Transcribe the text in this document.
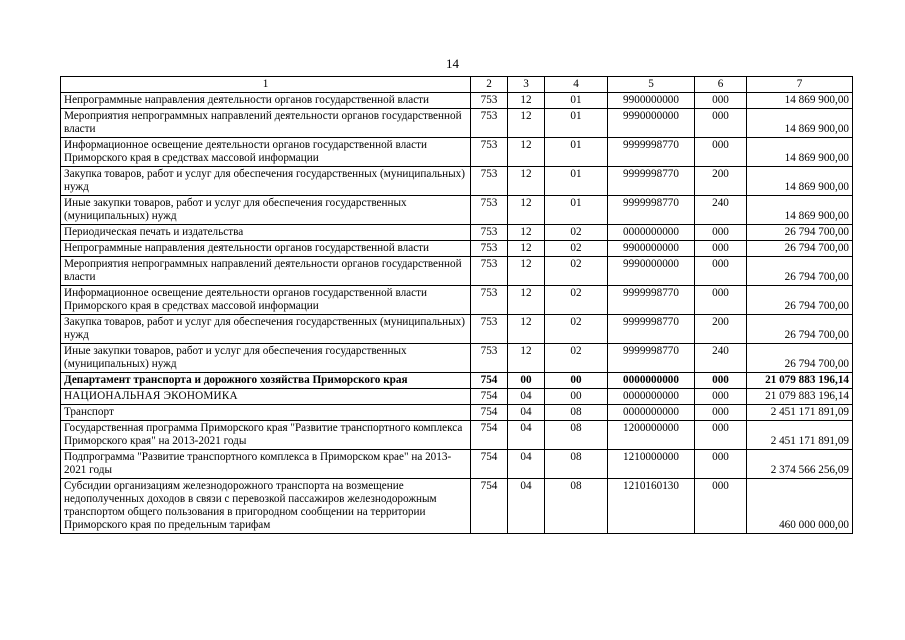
14
1	2	3	4	5	6	7
Непрограммные направления деятельности органов государственной власти	753	12	01	9900000000	000	14 869 900,00
Мероприятия непрограммных направлений деятельности органов государственной власти	753	12	01	9990000000	000	14 869 900,00
Информационное освещение деятельности органов государственной власти Приморского края в средствах массовой информации	753	12	01	9999998770	000	14 869 900,00
Закупка товаров, работ и услуг для обеспечения государственных (муниципальных) нужд	753	12	01	9999998770	200	14 869 900,00
Иные закупки товаров, работ и услуг для обеспечения государственных (муниципальных) нужд	753	12	01	9999998770	240	14 869 900,00
Периодическая печать и издательства	753	12	02	0000000000	000	26 794 700,00
Непрограммные направления деятельности органов государственной власти	753	12	02	9900000000	000	26 794 700,00
Мероприятия непрограммных направлений деятельности органов государственной власти	753	12	02	9990000000	000	26 794 700,00
Информационное освещение деятельности органов государственной власти Приморского края в средствах массовой информации	753	12	02	9999998770	000	26 794 700,00
Закупка товаров, работ и услуг для обеспечения государственных (муниципальных) нужд	753	12	02	9999998770	200	26 794 700,00
Иные закупки товаров, работ и услуг для обеспечения государственных (муниципальных) нужд	753	12	02	9999998770	240	26 794 700,00
Департамент транспорта и дорожного хозяйства Приморского края	754	00	00	0000000000	000	21 079 883 196,14
НАЦИОНАЛЬНАЯ ЭКОНОМИКА	754	04	00	0000000000	000	21 079 883 196,14
Транспорт	754	04	08	0000000000	000	2 451 171 891,09
Государственная программа Приморского края "Развитие транспортного комплекса Приморского края" на 2013-2021 годы	754	04	08	1200000000	000	2 451 171 891,09
Подпрограмма "Развитие транспортного комплекса в Приморском крае" на 2013-2021 годы	754	04	08	1210000000	000	2 374 566 256,09
Субсидии организациям железнодорожного транспорта на возмещение недополученных доходов в связи с перевозкой пассажиров железнодорожным транспортом общего пользования в пригородном сообщении на территории Приморского края по предельным тарифам	754	04	08	1210160130	000	460 000 000,00
